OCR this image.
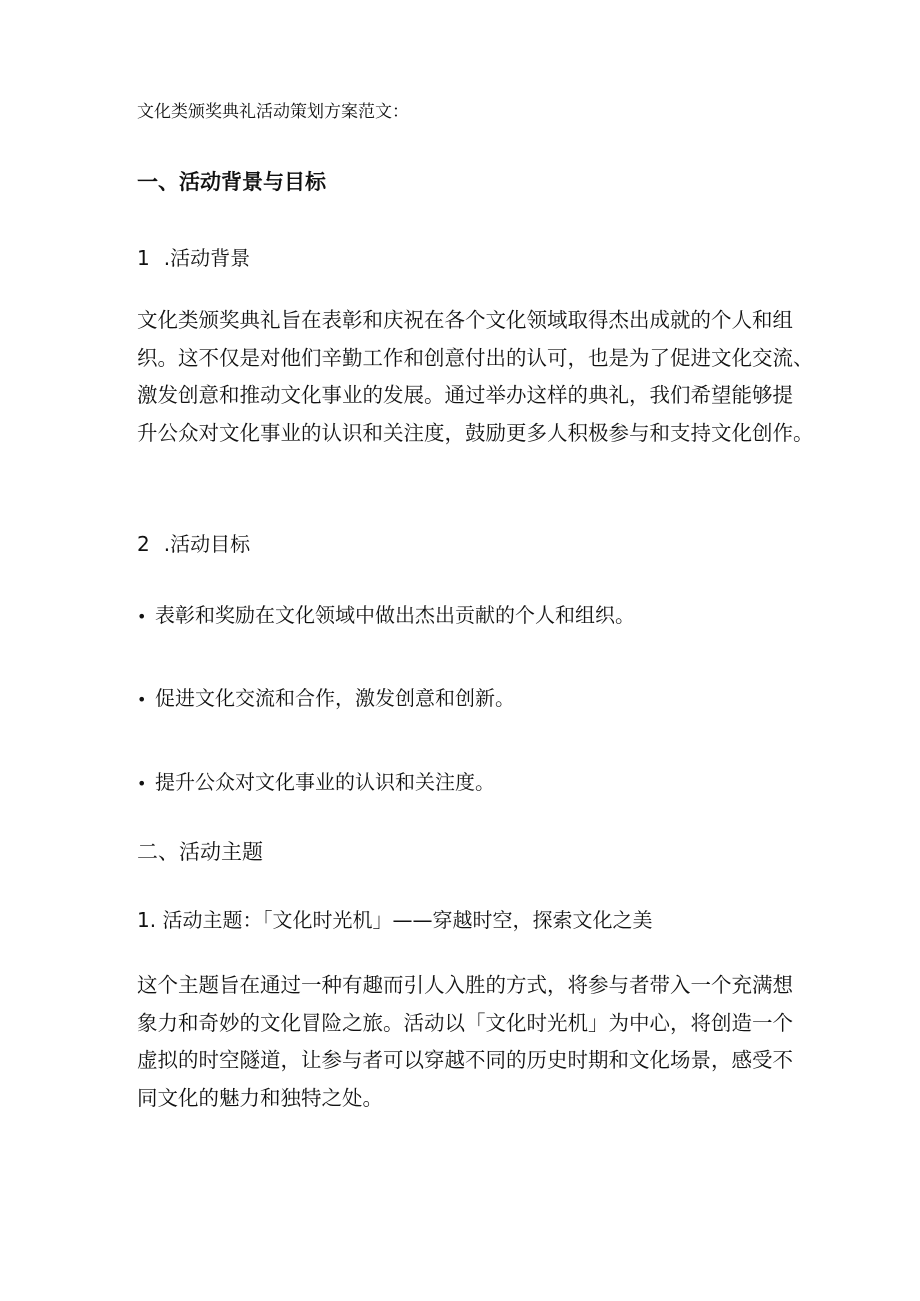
文化类颁奖典礼活动策划方案范文：
一、活动背景与目标
1 .活动背景
文化类颁奖典礼旨在表彰和庆祝在各个文化领域取得杰出成就的个人和组
织。这不仅是对他们辛勤工作和创意付出的认可，也是为了促进文化交流、
激发创意和推动文化事业的发展。通过举办这样的典礼，我们希望能够提
升公众对文化事业的认识和关注度，鼓励更多人积极参与和支持文化创作。
2 .活动目标
• 表彰和奖励在文化领域中做出杰出贡献的个人和组织。
• 促进文化交流和合作，激发创意和创新。
• 提升公众对文化事业的认识和关注度。
二、活动主题
1. 活动主题：「文化时光机」——穿越时空，探索文化之美
这个主题旨在通过一种有趣而引人入胜的方式，将参与者带入一个充满想
象力和奇妙的文化冒险之旅。活动以「文化时光机」为中心，将创造一个
虚拟的时空隧道，让参与者可以穿越不同的历史时期和文化场景，感受不
同文化的魅力和独特之处。
